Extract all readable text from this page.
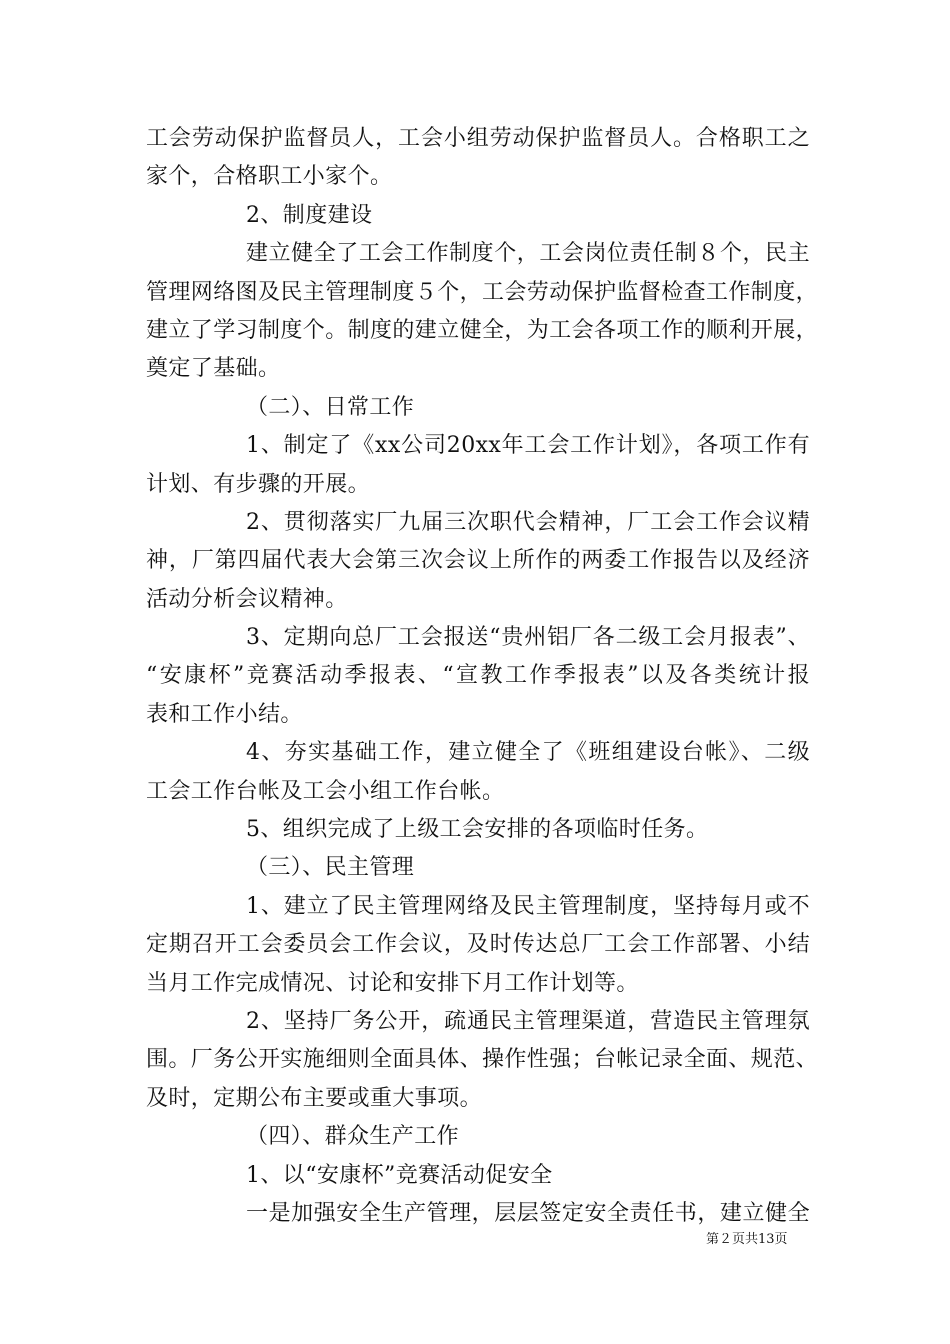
工会劳动保护监督员人，工会小组劳动保护监督员人。合格职工之
家个，合格职工小家个。
2、制度建设
建立健全了工会工作制度个，工会岗位责任制８个，民主
管理网络图及民主管理制度５个，工会劳动保护监督检查工作制度，
建立了学习制度个。制度的建立健全，为工会各项工作的顺利开展，
奠定了基础。
（二）、日常工作
1、制定了《xx公司20xx年工会工作计划》，各项工作有
计划、有步骤的开展。
2、贯彻落实厂九届三次职代会精神，厂工会工作会议精
神，厂第四届代表大会第三次会议上所作的两委工作报告以及经济
活动分析会议精神。
3、定期向总厂工会报送“贵州铝厂各二级工会月报表”、
“安康杯”竞赛活动季报表、“宣教工作季报表”以及各类统计报
表和工作小结。
4、夯实基础工作，建立健全了《班组建设台帐》、二级
工会工作台帐及工会小组工作台帐。
5、组织完成了上级工会安排的各项临时任务。
（三）、民主管理
1、建立了民主管理网络及民主管理制度，坚持每月或不
定期召开工会委员会工作会议，及时传达总厂工会工作部署、小结
当月工作完成情况、讨论和安排下月工作计划等。
2、坚持厂务公开，疏通民主管理渠道，营造民主管理氛
围。厂务公开实施细则全面具体、操作性强；台帐记录全面、规范、
及时，定期公布主要或重大事项。
（四）、群众生产工作
1、以“安康杯”竞赛活动促安全
一是加强安全生产管理，层层签定安全责任书，建立健全
第２页共13页
